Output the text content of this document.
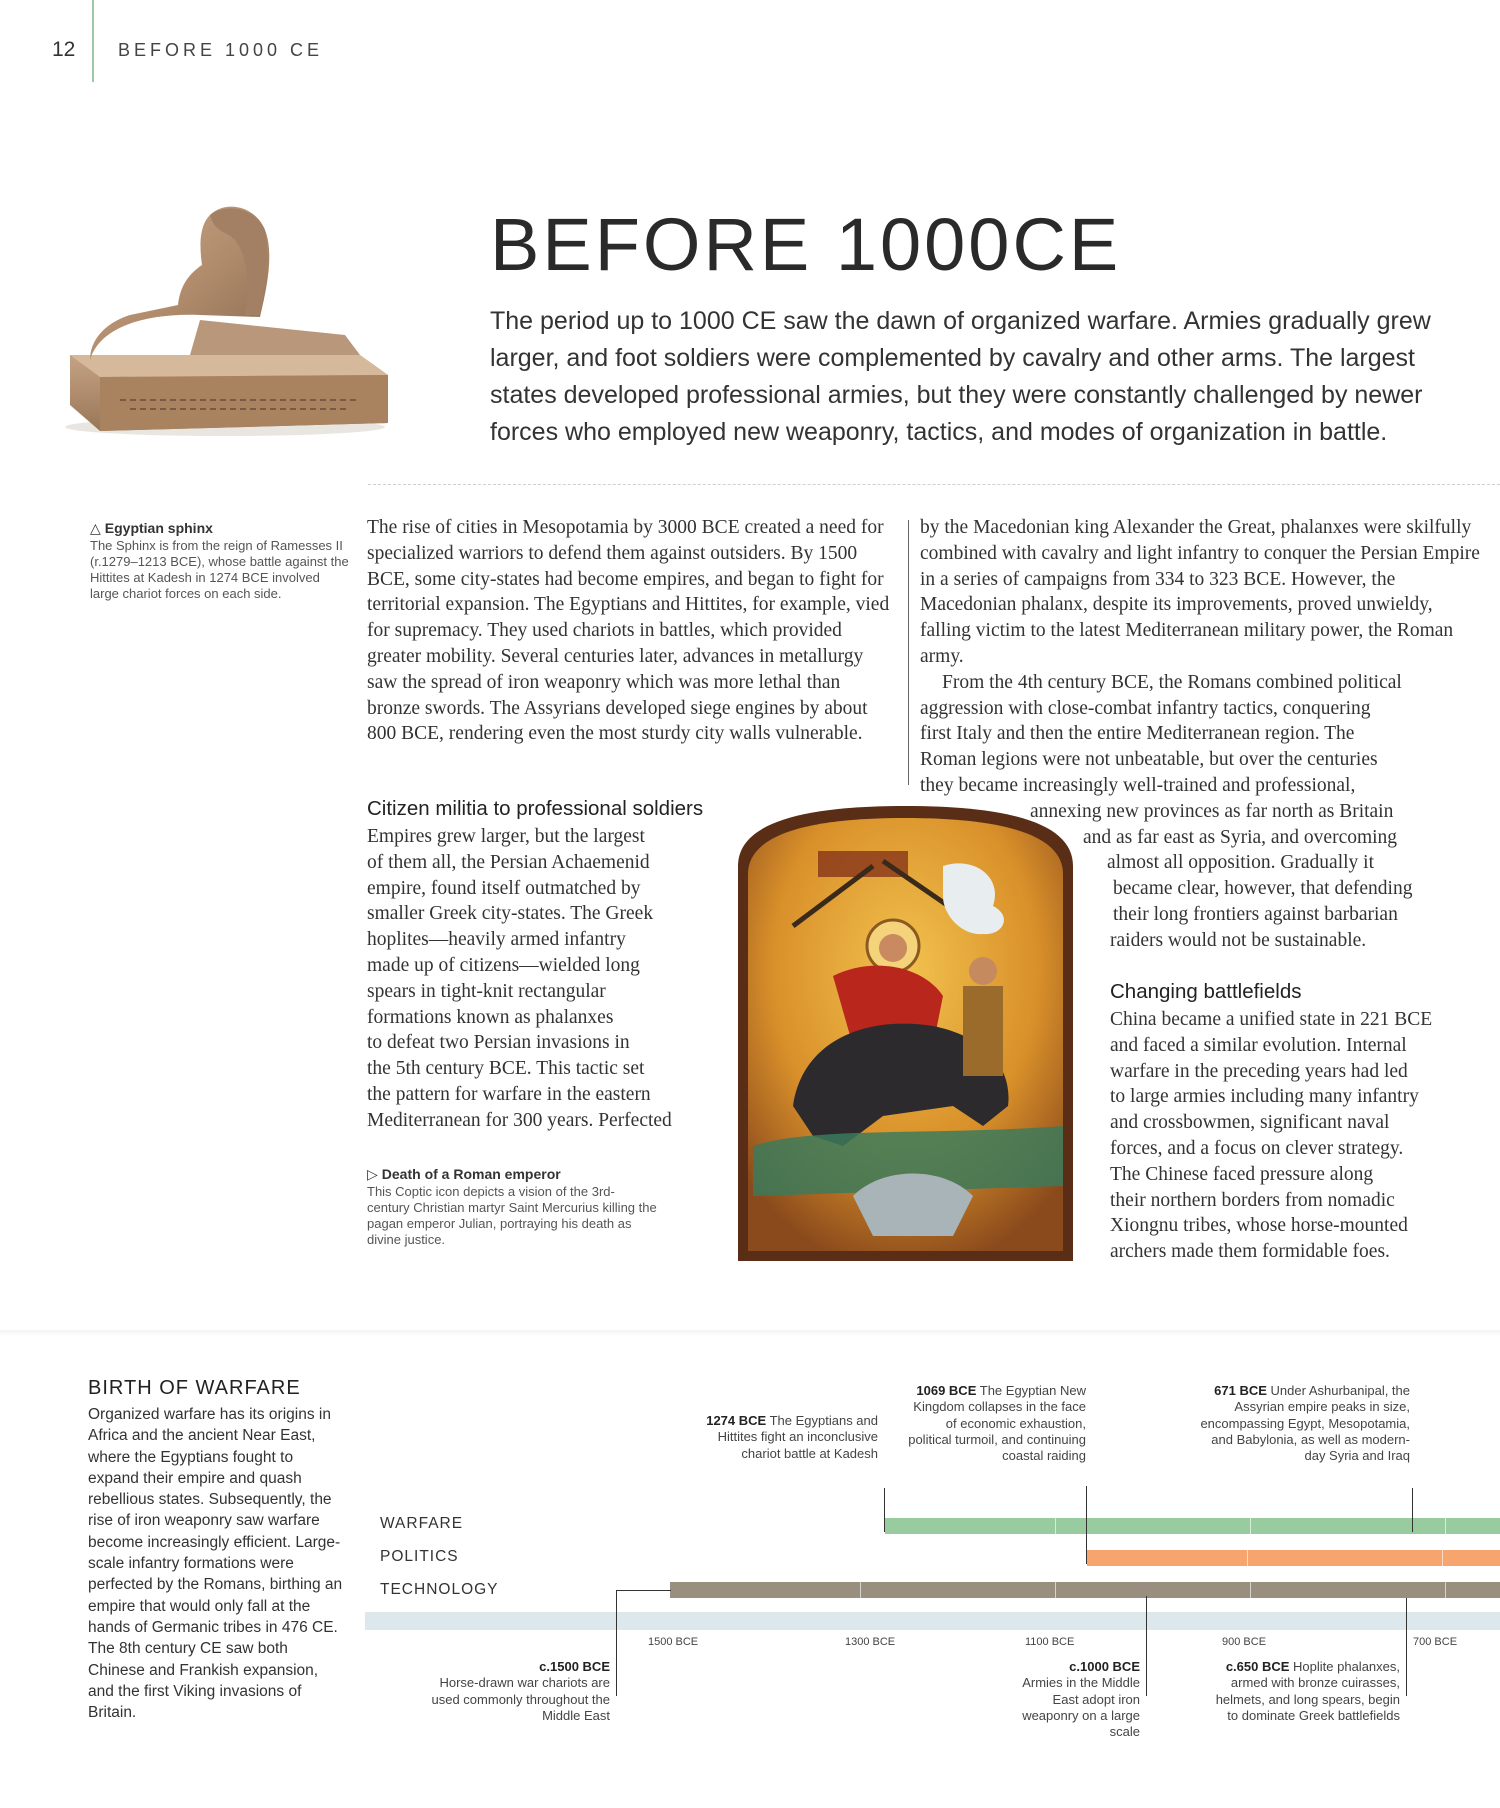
12 BEFORE 1000 CE
BEFORE 1000CE
The period up to 1000 CE saw the dawn of organized warfare. Armies gradually grew larger, and foot soldiers were complemented by cavalry and other arms. The largest states developed professional armies, but they were constantly challenged by newer forces who employed new weaponry, tactics, and modes of organization in battle.
△ Egyptian sphinx
The Sphinx is from the reign of Ramesses II (r.1279–1213 BCE), whose battle against the Hittites at Kadesh in 1274 BCE involved large chariot forces on each side.

The rise of cities in Mesopotamia by 3000 BCE created a need for specialized warriors to defend them against outsiders. By 1500 BCE, some city-states had become empires, and began to fight for territorial expansion. The Egyptians and Hittites, for example, vied for supremacy. They used chariots in battles, which provided greater mobility. Several centuries later, advances in metallurgy saw the spread of iron weaponry which was more lethal than bronze swords. The Assyrians developed siege engines by about 800 BCE, rendering even the most sturdy city walls vulnerable.

by the Macedonian king Alexander the Great, phalanxes were skilfully combined with cavalry and light infantry to conquer the Persian Empire in a series of campaigns from 334 to 323 BCE. However, the Macedonian phalanx, despite its improvements, proved unwieldy, falling victim to the latest Mediterranean military power, the Roman army.

From the 4th century BCE, the Romans combined political
aggression with close-combat infantry tactics, conquering
first Italy and then the entire Mediterranean region. The
Roman legions were not unbeatable, but over the centuries
they became increasingly well-trained and professional,
annexing new provinces as far north as Britain
and as far east as Syria, and overcoming
almost all opposition. Gradually it
became clear, however, that defending
their long frontiers against barbarian
raiders would not be sustainable.
Citizen militia to professional soldiers
Empires grew larger, but the largest
of them all, the Persian Achaemenid
empire, found itself outmatched by
smaller Greek city-states. The Greek
hoplites—heavily armed infantry
made up of citizens—wielded long
spears in tight-knit rectangular
formations known as phalanxes
to defeat two Persian invasions in
the 5th century BCE. This tactic set
the pattern for warfare in the eastern
Mediterranean for 300 years. Perfected
Changing battlefields
China became a unified state in 221 BCE
and faced a similar evolution. Internal
warfare in the preceding years had led
to large armies including many infantry
and crossbowmen, significant naval
forces, and a focus on clever strategy.
The Chinese faced pressure along
their northern borders from nomadic
Xiongnu tribes, whose horse-mounted
archers made them formidable foes.
▷ Death of a Roman emperor
This Coptic icon depicts a vision of the 3rd-century Christian martyr Saint Mercurius killing the pagan emperor Julian, portraying his death as divine justice.
BIRTH OF WARFARE
Organized warfare has its origins in Africa and the ancient Near East, where the Egyptians fought to expand their empire and quash rebellious states. Subsequently, the rise of iron weaponry saw warfare become increasingly efficient. Large-scale infantry formations were perfected by the Romans, birthing an empire that would only fall at the hands of Germanic tribes in 476 CE. The 8th century CE saw both Chinese and Frankish expansion, and the first Viking invasions of Britain.
WARFARE
POLITICS
TECHNOLOGY
1500 BCE	1300 BCE	1100 BCE	900 BCE	700 BCE
1274 BCE The Egyptians and Hittites fight an inconclusive chariot battle at Kadesh
1069 BCE The Egyptian New Kingdom collapses in the face of economic exhaustion, political turmoil, and continuing coastal raiding
671 BCE Under Ashurbanipal, the Assyrian empire peaks in size, encompassing Egypt, Mesopotamia, and Babylonia, as well as modern-day Syria and Iraq
c.1500 BCE
Horse-drawn war chariots are used commonly throughout the Middle East
c.1000 BCE
Armies in the Middle East adopt iron weaponry on a large scale
c.650 BCE Hoplite phalanxes, armed with bronze cuirasses, helmets, and long spears, begin to dominate Greek battlefields
